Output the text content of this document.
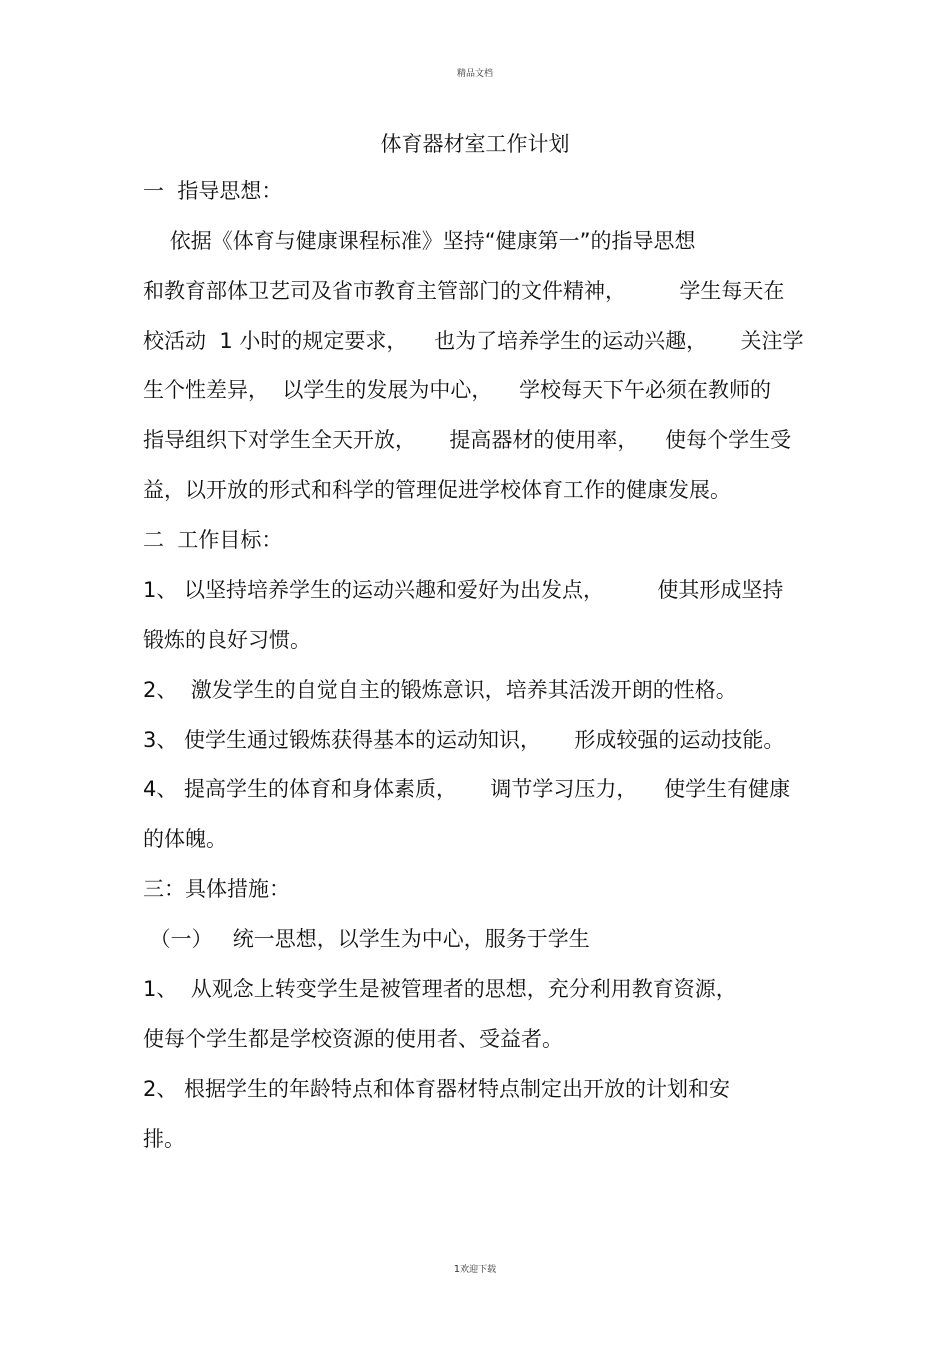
精品文档
体育器材室工作计划
一  指导思想：
依据《体育与健康课程标准》坚持“健康第一”的指导思想
和教育部体卫艺司及省市教育主管部门的文件精神，        学生每天在
校活动  1 小时的规定要求，    也为了培养学生的运动兴趣，     关注学
生个性差异，  以学生的发展为中心，    学校每天下午必须在教师的
指导组织下对学生全天开放，     提高器材的使用率，    使每个学生受
益，以开放的形式和科学的管理促进学校体育工作的健康发展。
二  工作目标：
1、 以坚持培养学生的运动兴趣和爱好为出发点，        使其形成坚持
锻炼的良好习惯。
2、  激发学生的自觉自主的锻炼意识，培养其活泼开朗的性格。
3、 使学生通过锻炼获得基本的运动知识，     形成较强的运动技能。
4、 提高学生的体育和身体素质，     调节学习压力，    使学生有健康
的体魄。
三：具体措施：
（一）   统一思想，以学生为中心，服务于学生
1、  从观念上转变学生是被管理者的思想，充分利用教育资源，
使每个学生都是学校资源的使用者、受益者。
2、 根据学生的年龄特点和体育器材特点制定出开放的计划和安
排。
1欢迎下载
